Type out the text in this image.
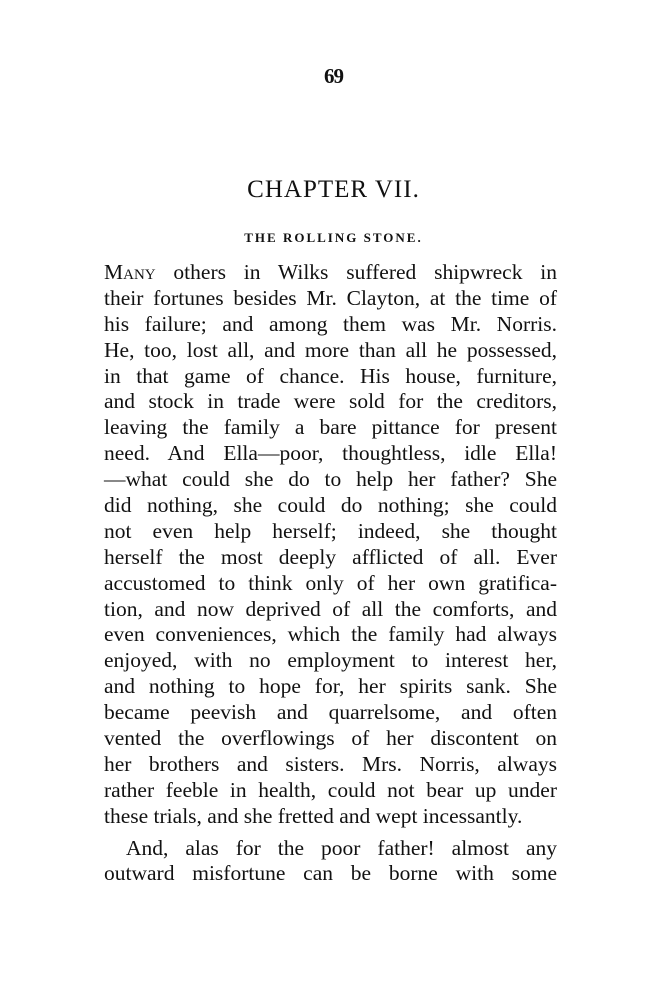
69
CHAPTER VII.
THE ROLLING STONE.
Many others in Wilks suffered shipwreck in
their fortunes besides Mr. Clayton, at the time of
his failure; and among them was Mr. Norris.
He, too, lost all, and more than all he possessed,
in that game of chance. His house, furniture,
and stock in trade were sold for the creditors,
leaving the family a bare pittance for present
need. And Ella—poor, thoughtless, idle Ella!
—what could she do to help her father? She
did nothing, she could do nothing; she could
not even help herself; indeed, she thought
herself the most deeply afflicted of all. Ever
accustomed to think only of her own gratifica-
tion, and now deprived of all the comforts, and
even conveniences, which the family had always
enjoyed, with no employment to interest her,
and nothing to hope for, her spirits sank. She
became peevish and quarrelsome, and often
vented the overflowings of her discontent on
her brothers and sisters. Mrs. Norris, always
rather feeble in health, could not bear up under
these trials, and she fretted and wept incessantly.
And, alas for the poor father! almost any
outward misfortune can be borne with some
